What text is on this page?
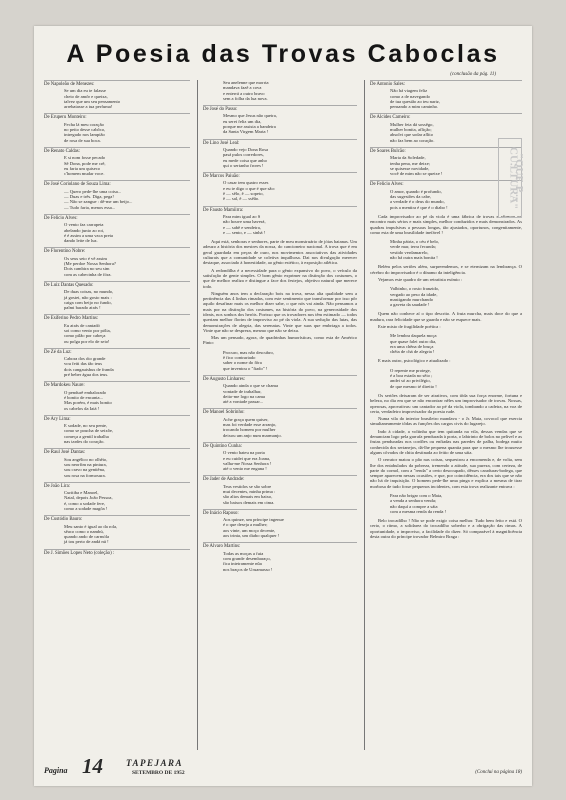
A Poesia das Trovas Caboclas
(conclusão da pág. 11)
De Napoleão de Menezes:
Se um dia eu te falasse
cheio de amôr e queixa,
talvez que um seu pensamento
arrebatasse a tua perfuma!
De Eruperu Monteiro:
Fecha lá meu coração
no peito desse cabôco,
intregado nos lampião
de rosa de sua boca.
De Renato Caldas:
E si nom fosse pecado
Sê Dona, pode me crê,
eu faria um quiseco
c'homem mudar voce.
De José Coriolano de Souza Lima:
— Quero pede-lhe uma coisa...
— Duas e três. Diga, pega!
— Não se zangue : dê-me um beijo...
— Tudo faria, menos essa...
De Felicio Alves:
O vento faz carrapeta
abelando junto ao roi,
é é assim a uma vaca preta
dando leite de luz.
De Florentino Nobre:
Os seus seio é vê assim
(Me perdoe Nossa Senhora?
Dois cambira no seu sim
com as cabecinha de fóra.
De Luiz Dantas Quesado:
De duas coisas, no mundo,
já gostei, não gosto mais :
caiga com beijo no fundo,
palmi barado atrás !
De Esiferino Pedro Martins:
Eu atrás de cantadó
soi como vento por pólia,
como pilão por cabeça
ou polga por elo de seio!
De Zé da Luz:
Cabora dos óio grande
vou feiti das tão teus
dois cangauisbus de franda
pré beber água dos teus.
De Mardokeu Naure:
O pendurê embalorado
é bonito de encanta...
Mas porém, é mais bonito
os cabelos da Iaiá !
De Ary Lima:
E sodade, no seu pente,
como se poucha de seixõe,
começa a gentil trabalha
nas tardes do coração.
De Raul José Dantas:
Sou angélico no olhêio,
sou neorfim na pintura,
sou cravo na gentiêna,
sou rosa na formosura.
De João Lira:
Curitiba e Manoel,
Natal, depois João Pessoa,
é, como a sodade fere,
como a sodade magôa !
De Custódio Bauro:
Meu santo é igual ao da rola,
sêaco como o nambú,
quando ando de carmóla
já tou perto de andá nú !
De J. Simões Lopes Neto (coleção) :
Seu anelenne que morria
mandava fazê a cova
e enterrá a outro bravo
sem a folha da lua nova.
De José do Passo:
Mesmo que Jesus não queira,
eu serei feliz um dia,
porque me assista a bandeira
da Santa Virgem Maria !
De Lino José Leal:
Quando vejo Dona Rosa
pasá pulos corredores,
eu mede coisa que anho
qui o sertanho frores !
De Marcos Paiuão:
O casar tem quatro esses
e eu te digo o que é que são:
ê — sêlo, ê — sopeto,
ê — sal, ê — ssêão.
De Fausto Mamiirra:
Para mim igual ao S
não houve uma haverá,
e — sabê e sendeira,
e — sento, e — sinhá !
Aqui está, senhoras e senhores, parte de meu monstruário de jóias baianas. Um adeuzo a história dos mestres da nossa, do cancioneiro nacional. A trova que é em geral guardada em peças de ouro, nos movimentos associativos das atividades culturais que a comunidade se coletiva inquilhosa. Dai nos divulgação merecer destaque, associado à honestidade, ao gênio estético, à exposição atlética.
A redondilha é a necessidade para o gênio expansivo do povo, o veículo da satisfação de gente simples. O bom gênio exprimer na distinção dos costumes, o que de melhor realiza e distingue a face dos festejos, objetivo natural que merece todo.
Ninguém anos tem a declaração bois na trova, nessa alta qualidade sem a pertinência das 4 linhas rimadas, com este sentimento que transformar por isso pôr aquilo desafinar mais os melhor dizer sabe, o que nós vai ainda. Não pensamos a mais por na distinção dos costumes, na história do povo, na generosidade dos ideais, nos sonhos dos heróis. Porisso que os trovadores nos têm estimado — todos queriam melhor florim de improviso ao pé da viola. A sua sedução das lutas, das demonstrações de alegria, das serenatas. Vinte que suas que embriaga a todos. Vinte que não se despreza, mesmo que não se deixa.
Mas um pensado, agora, de quadrinhas humorísticas, como esta de Américo Pinto:
Procuro, mas não descubro,
ê fico contrariado
saber o nome do fôra
que inventou o "fiado" !
De Augusto Linhares:
Quando ainda o que se chama
vontade de trabalhar,
deito-me logo na cama
até a vontade passar...
De Manoel Sobrinho:
Ache graça quem quiser,
mas foi verdade esse arranjo,
trocando homem por mulher
deixou um anjo num marmanjo.
De Quintino Cunha:
O vento bateu na porta
e eu cuidei que era Joana,
valha-me Nossa Senhora !
até o vento me engana !
De Jader de Andrade:
Teus vestidos se são sobre
mui decentes, minha prima :
são altos demais em baixo,
são baixos demais em cima.
De Inácio Raposo:
Aos quinze, um príncipe ingenue
é o que deseja a mulher;
aos vinte, um moço decente,
aos trinta, um diabo qualquer !
De Alvaro Martins:
Todas as moças a fuia
com grande desembaraço,
fica inteiramente nûa
nos braços de Uruamasso !
"QUE P.... CU.LTURA"
De Antonio Sales:
Não há viagem feliz
como a de navegando
de tua questão ao teu nariz,
pensando a mim caminho.
De Alcides Carneiro:
Mulher feia dá sossêgo,
mulher bonita, aflição;
absolvi que sodar aflito
não faz bem ao coração.
De Soares Bulcão:
Maria da Soledade,
tenha pena, me deixe;
se quisesse novidade,
você de mim não se queixe !
De Felicio Alves:
O amor, quando é profundo,
das sugestões da cabe,
a verdade é o deus do mundo,
pois a mentira é que é o diabo !
Cada improvisador ao pé da viola é uma fábrica de trovas e afirmou no encontro mais sérios e mais simples, melhor conduzidos e mais demonstrados. As quadras impulsivas a pessoas longas, tão ajustados, oportunos, congenitamente, como esta de uma brasilidade inefável !
Minha pátria, o céu é belo,
verde mar, terra fecunda;
vestido verdamarelo,
não há outra mais bonita !
Belém pelos sertões além, surpreendemos, e se eternizam na lembrança. O cérebro do improvisador é o dínamo da inteligência.
Vejamos este quadro de um retratista exímio :
Valbinho, o rosto franzido,
vergado ao peso da idade,
mastigando murchando
a gaveta da saudade !
Quem não conhece aí o tipo descrito. A fruta murcha, mais doce do que a madura, rara felicidade que se guarda e não se esquece mais.
Este misto de fragilidade poética :
Me lembra daquela moça
que quase falei outro dia,
era uma chêna de bruça
chêia de chá de alegria !
E mais outro, psicológico e atualizado :
O repente me protege,
é a boa estada no sêio ;
andei só ao privilégio,
de que mesmo té direito !
Os sertões deixaram de ser atrativos, com tôda sua força enorme, fortuna e beleza, no dia em que se não encontrar nêles um improvisador de trovas. Nossas, operosas, aprovativas: um cantador ao pé da viola, tombando a cadeira, na voz de certa, verdadeiro improvisador da poesia rude.
Numa vila do interior brasileiro mandava - o Jr. Maia, covocol que exercia simultaneamente tôdas as funções dos cargos civis do lugarejo.
Indo à cidade, a voltinha que tem quitanda na vila, dessas vendas que se denunciam logo pela garrafa pendurada à porta, o labirinto de bolos no pelivel e as frutas penduradas nos cordões ou enfiadas nas paredes de palha, bodega muito conhecida dos sertanejos, dá-lhe pequena quantia para que o mesmo lhe trouxesse alguns côvados de chita destinada ao feitio de uma sáia.
O cerrator matou o pão nas coisas, sequestrou a encomenda e, de volta, sem lhe dos entabulados da pobreza, tremendo a atitude, sua pureza, com certeza, de parte do cornol, com a "renda" a certo desocupado, dêsses caraduras-bodega, que sempre aparecem nessas ocasiões, e que, por coincidência, era dos tais que se não não há de inquisição. O homem pede-lhe uma pinga e explica a mesma de tirar morbosa de tudo fosse pequenos incidentes, com esta trova realizante entrava :
Para não brigar com o Maia,
a venda a senhora venda;
não daquí a compre a sáia
com a mesma renda da renda !
Belo trocadilho ! Não se pode exigir coisa melhor. Tudo bem feito e está. O certo, o ritmo, a solidarez do trocadilho soberbo e a obrigação das rimas. A oportunidade, o improviso, a facilidade do dizer. Só comparável à magnificência desta outra do príncipe trovador Belmiro Braga :
Pagina 14	TAPEJARA
SETEMBRO DE 1952	(Conclui na página 18)
